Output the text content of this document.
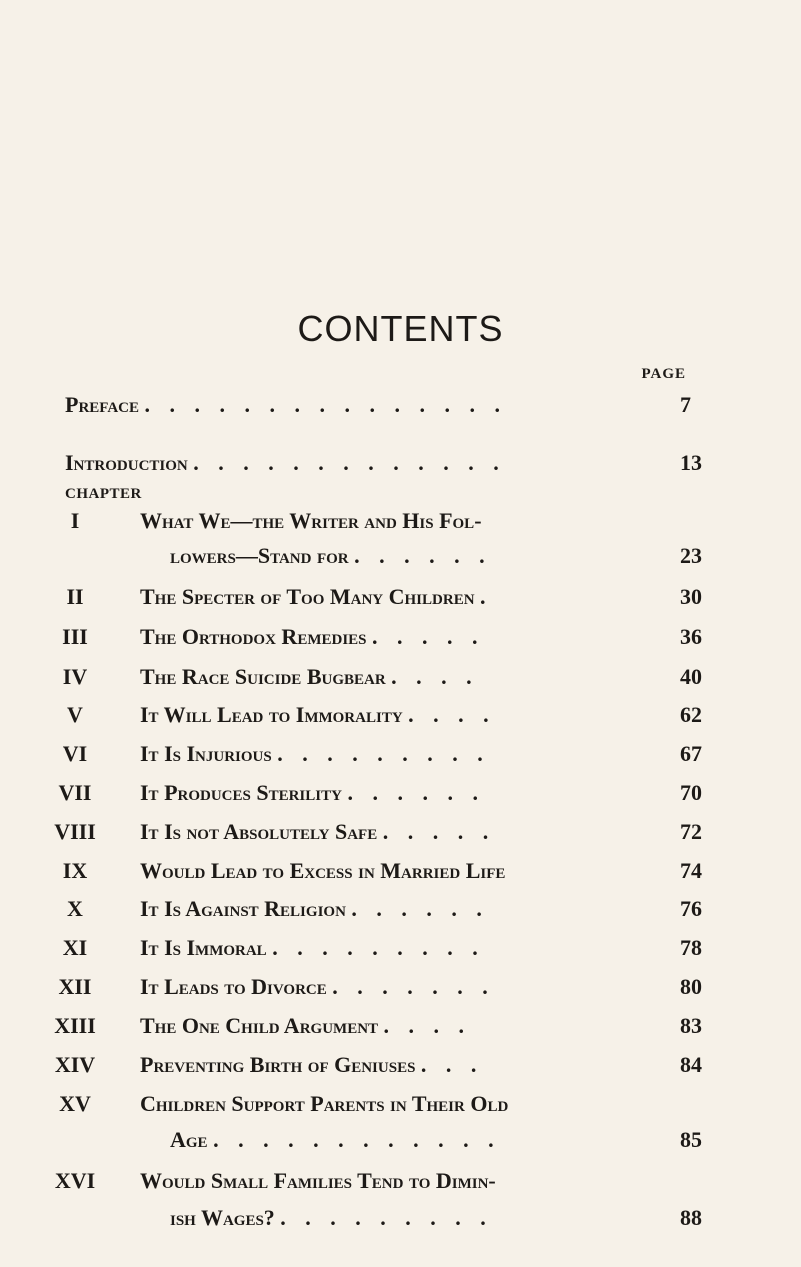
CONTENTS
PAGE
Preface . . . . . . . . . . . . . . .	7
Introduction . . . . . . . . . . . . .	13
CHAPTER
I	What We—the Writer and His Fol-
lowers—Stand for . . . . . .	23
II	The Specter of Too Many Children .	30
III	The Orthodox Remedies . . . . .	36
IV	The Race Suicide Bugbear . . . .	40
V	It Will Lead to Immorality . . . .	62
VI	It Is Injurious . . . . . . . . .	67
VII	It Produces Sterility . . . . . .	70
VIII	It Is not Absolutely Safe . . . . .	72
IX	Would Lead to Excess in Married Life	74
X	It Is Against Religion . . . . . .	76
XI	It Is Immoral . . . . . . . . .	78
XII	It Leads to Divorce . . . . . . .	80
XIII	The One Child Argument . . . .	83
XIV	Preventing Birth of Geniuses . . .	84
XV	Children Support Parents in Their Old
Age . . . . . . . . . . . .	85
XVI	Would Small Families Tend to Dimin-
ish Wages? . . . . . . . . .	88
